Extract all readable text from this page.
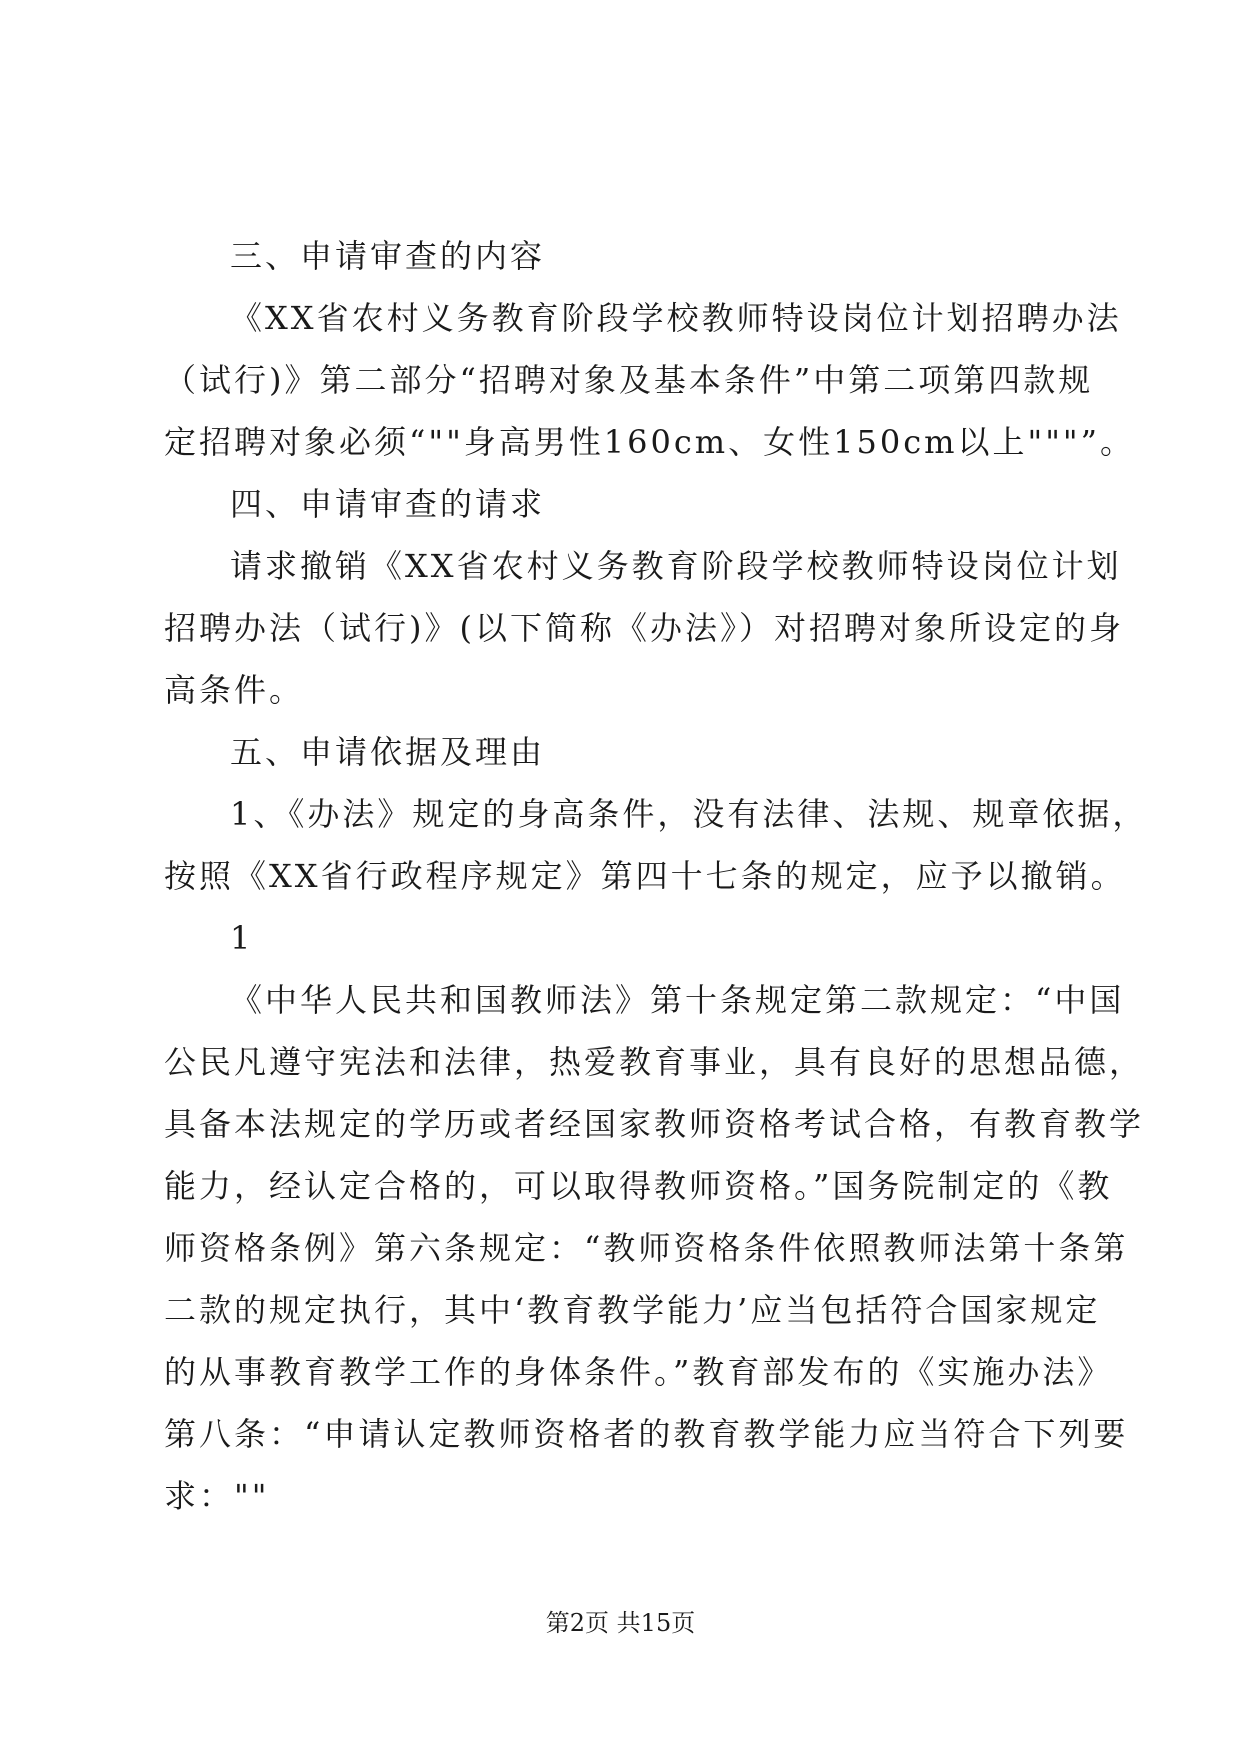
三、申请审查的内容
《XX省农村义务教育阶段学校教师特设岗位计划招聘办法
（试行)》第二部分“招聘对象及基本条件”中第二项第四款规
定招聘对象必须“""身高男性160cm、女性150cm以上"""”。
四、申请审查的请求
请求撤销《XX省农村义务教育阶段学校教师特设岗位计划
招聘办法（试行)》(以下简称《办法》）对招聘对象所设定的身
高条件。
五、申请依据及理由
1、《办法》规定的身高条件，没有法律、法规、规章依据，
按照《XX省行政程序规定》第四十七条的规定，应予以撤销。
1
《中华人民共和国教师法》第十条规定第二款规定：“中国
公民凡遵守宪法和法律，热爱教育事业，具有良好的思想品德，
具备本法规定的学历或者经国家教师资格考试合格，有教育教学
能力，经认定合格的，可以取得教师资格。”国务院制定的《教
师资格条例》第六条规定：“教师资格条件依照教师法第十条第
二款的规定执行，其中‘教育教学能力’应当包括符合国家规定
的从事教育教学工作的身体条件。”教育部发布的《实施办法》
第八条：“申请认定教师资格者的教育教学能力应当符合下列要
求：""
第2页 共15页
